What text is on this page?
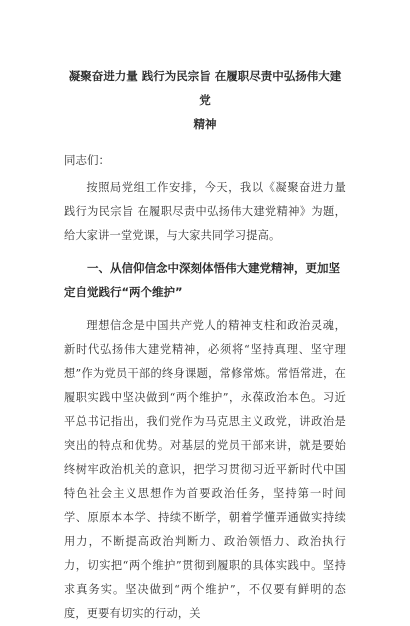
凝聚奋进力量 践行为民宗旨 在履职尽责中弘扬伟大建党
精神
同志们：
按照局党组工作安排，今天，我以《凝聚奋进力量 践行为民宗旨 在履职尽责中弘扬伟大建党精神》为题，给大家讲一堂党课，与大家共同学习提高。
一、从信仰信念中深刻体悟伟大建党精神，更加坚定自觉践行“两个维护”
理想信念是中国共产党人的精神支柱和政治灵魂，新时代弘扬伟大建党精神，必须将“坚持真理、坚守理想”作为党员干部的终身课题，常修常炼。常悟常进，在履职实践中坚决做到“两个维护”，永葆政治本色。习近平总书记指出，我们党作为马克思主义政党，讲政治是突出的特点和优势。对基层的党员干部来讲，就是要始终树牢政治机关的意识，把学习贯彻习近平新时代中国特色社会主义思想作为首要政治任务，坚持第一时间学、原原本本学、持续不断学，朝着学懂弄通做实持续用力，不断提高政治判断力、政治领悟力、政治执行力，切实把“两个维护”贯彻到履职的具体实践中。坚持求真务实。坚决做到“两个维护”，不仅要有鲜明的态度，更要有切实的行动，关
